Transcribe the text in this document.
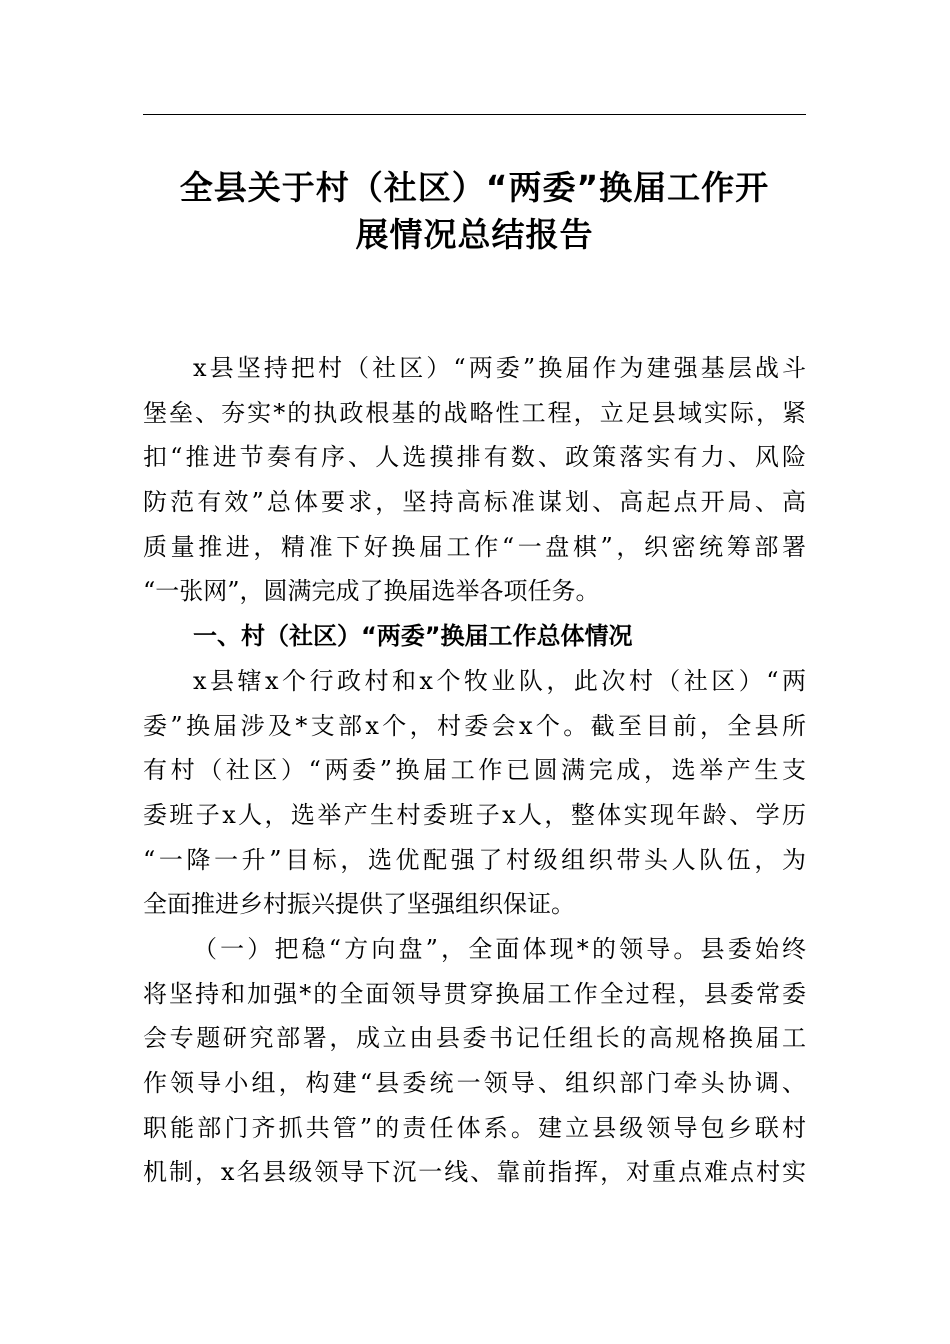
全县关于村（社区）“两委”换届工作开
展情况总结报告
x县坚持把村（社区）“两委”换届作为建强基层战斗
堡垒、夯实*的执政根基的战略性工程，立足县域实际，紧
扣“推进节奏有序、人选摸排有数、政策落实有力、风险
防范有效”总体要求，坚持高标准谋划、高起点开局、高
质量推进，精准下好换届工作“一盘棋”，织密统筹部署
“一张网”，圆满完成了换届选举各项任务。
一、村（社区）“两委”换届工作总体情况
x县辖x个行政村和x个牧业队，此次村（社区）“两
委”换届涉及*支部x个，村委会x个。截至目前，全县所
有村（社区）“两委”换届工作已圆满完成，选举产生支
委班子x人，选举产生村委班子x人，整体实现年龄、学历
“一降一升”目标，选优配强了村级组织带头人队伍，为
全面推进乡村振兴提供了坚强组织保证。
（一）把稳“方向盘”，全面体现*的领导。县委始终
将坚持和加强*的全面领导贯穿换届工作全过程，县委常委
会专题研究部署，成立由县委书记任组长的高规格换届工
作领导小组，构建“县委统一领导、组织部门牵头协调、
职能部门齐抓共管”的责任体系。建立县级领导包乡联村
机制，x名县级领导下沉一线、靠前指挥，对重点难点村实
